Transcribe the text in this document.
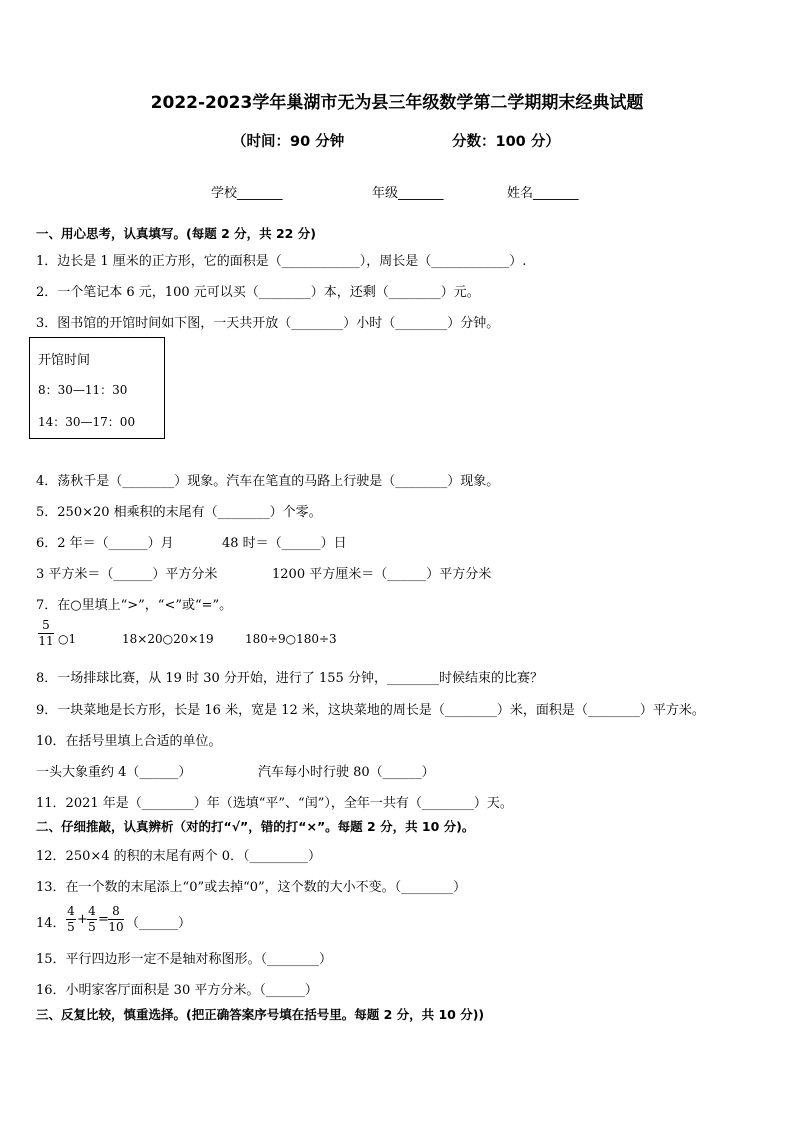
2022-2023学年巢湖市无为县三年级数学第二学期期末经典试题
（时间：90 分钟	分数：100 分）
学校_______	年级_______	姓名_______
一、用心思考，认真填写。(每题 2 分，共 22 分)
1．边长是 1 厘米的正方形，它的面积是（____________），周长是（____________）.
2．一个笔记本 6 元，100 元可以买（________）本，还剩（________）元。
3．图书馆的开馆时间如下图，一天共开放（________）小时（________）分钟。
开馆时间
8：30—11：30
14：30—17：00
4．荡秋千是（________）现象。汽车在笔直的马路上行驶是（________）现象。
5．250×20 相乘积的末尾有（________）个零。
6．2 年＝（______）月	48 时＝（______）日
3 平方米＝（______）平方分米	1200 平方厘米＝（______）平方分米
7．在○里填上“>”，“<”或“=”。
5
11 ○1	18×20○20×19	180÷9○180÷3
8．一场排球比赛，从 19 时 30 分开始，进行了 155 分钟，________时候结束的比赛？
9．一块菜地是长方形，长是 16 米，宽是 12 米，这块菜地的周长是（________）米，面积是（________）平方米。
10．在括号里填上合适的单位。
一头大象重约 4（______）	汽车每小时行驶 80（______）
11．2021 年是（________）年（选填“平”、“闰”），全年一共有（________）天。
二、仔细推敲，认真辨析（对的打“√”，错的打“×”。每题 2 分，共 10 分)。
12．250×4 的积的末尾有两个 0．（_________）
13．在一个数的末尾添上“0”或去掉“0”，这个数的大小不变。（________）
14．
4
5 +
4
5 =
8
10 （______）
15．平行四边形一定不是轴对称图形。（________）
16．小明家客厅面积是 30 平方分米。（______）
三、反复比较，慎重选择。(把正确答案序号填在括号里。每题 2 分，共 10 分))
